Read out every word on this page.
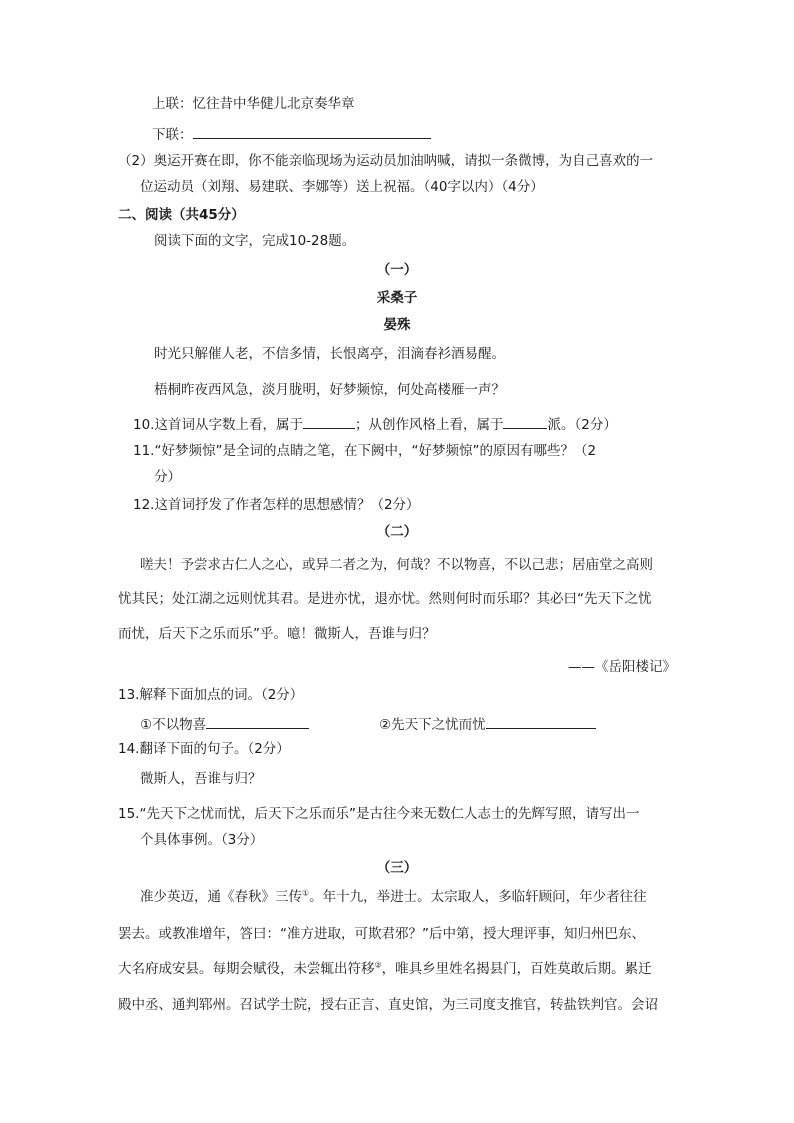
上联：忆往昔中华健儿北京奏华章
下联：
（2）奥运开赛在即，你不能亲临现场为运动员加油呐喊，请拟一条微博，为自己喜欢的一
位运动员（刘翔、易建联、李娜等）送上祝福。（40字以内）（4分）
二、阅读（共45分）
阅读下面的文字，完成10-28题。
（一）
采桑子
晏殊
时光只解催人老，不信多情，长恨离亭，泪滴春衫酒易醒。
梧桐昨夜西风急，淡月胧明，好梦频惊，何处高楼雁一声？
10.这首词从字数上看，属于	；从创作风格上看，属于	派。（2分）
11.“好梦频惊”是全词的点睛之笔，在下阙中，“好梦频惊”的原因有哪些？（2
分）
12.这首词抒发了作者怎样的思想感情？（2分）
（二）
嗟夫！予尝求古仁人之心，或异二者之为，何哉？不以物喜，不以己悲；居庙堂之高则
忧其民；处江湖之远则忧其君。是进亦忧，退亦忧。然则何时而乐耶？其必曰“先天下之忧
而忧，后天下之乐而乐”乎。噫！微斯人，吾谁与归？
——《岳阳楼记》
13.解释下面加点的词。（2分）
①不以物喜	②先天下之忧而忧
14.翻译下面的句子。（2分）
微斯人，吾谁与归？
15.“先天下之忧而忧，后天下之乐而乐”是古往今来无数仁人志士的先辉写照，请写出一
个具体事例。（3分）
（三）
准少英迈，通《春秋》三传①。年十九，举进士。太宗取人，多临轩顾问，年少者往往
罢去。或教准增年，答曰：“准方进取，可欺君邪？”后中第，授大理评事，知归州巴东、
大名府成安县。每期会赋役，未尝辄出符移②，唯具乡里姓名揭县门，百姓莫敢后期。累迁
殿中丞、通判郓州。召试学士院，授右正言、直史馆，为三司度支推官，转盐铁判官。会诏
